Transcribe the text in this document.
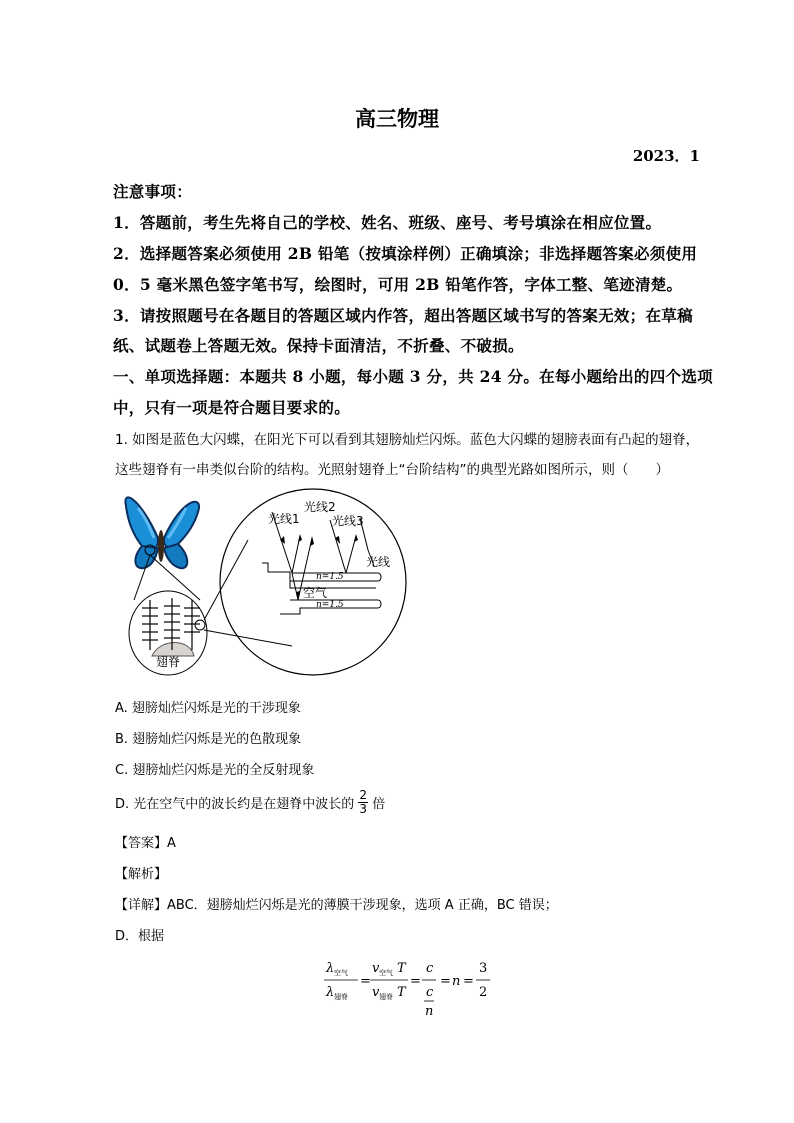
高三物理
2023．1
注意事项：
1．答题前，考生先将自己的学校、姓名、班级、座号、考号填涂在相应位置。
2．选择题答案必须使用 2B 铅笔（按填涂样例）正确填涂；非选择题答案必须使用
0．5 毫米黑色签字笔书写，绘图时，可用 2B 铅笔作答，字体工整、笔迹清楚。
3．请按照题号在各题目的答题区域内作答，超出答题区域书写的答案无效；在草稿
纸、试题卷上答题无效。保持卡面清洁，不折叠、不破损。
一、单项选择题：本题共 8 小题，每小题 3 分，共 24 分。在每小题给出的四个选项
中，只有一项是符合题目要求的。
1. 如图是蓝色大闪蝶，在阳光下可以看到其翅膀灿烂闪烁。蓝色大闪蝶的翅膀表面有凸起的翅脊，
这些翅脊有一串类似台阶的结构。光照射翅脊上“台阶结构”的典型光路如图所示，则（　　）
翅脊
光线1
光线2
光线3
光线
空气
n=1.5
n=1.5
A. 翅膀灿烂闪烁是光的干涉现象
B. 翅膀灿烂闪烁是光的色散现象
C. 翅膀灿烂闪烁是光的全反射现象
D. 光在空气中的波长约是在翅脊中波长的 $\frac{2}{3}$ 倍
【答案】A
【解析】
【详解】ABC．翅膀灿烂闪烁是光的薄膜干涉现象，选项 A 正确，BC 错误；
D．根据
λ 空气
λ 翅脊
=
v 空气 T
v 翅脊 T
=
c
c
n
= n =
3
2
